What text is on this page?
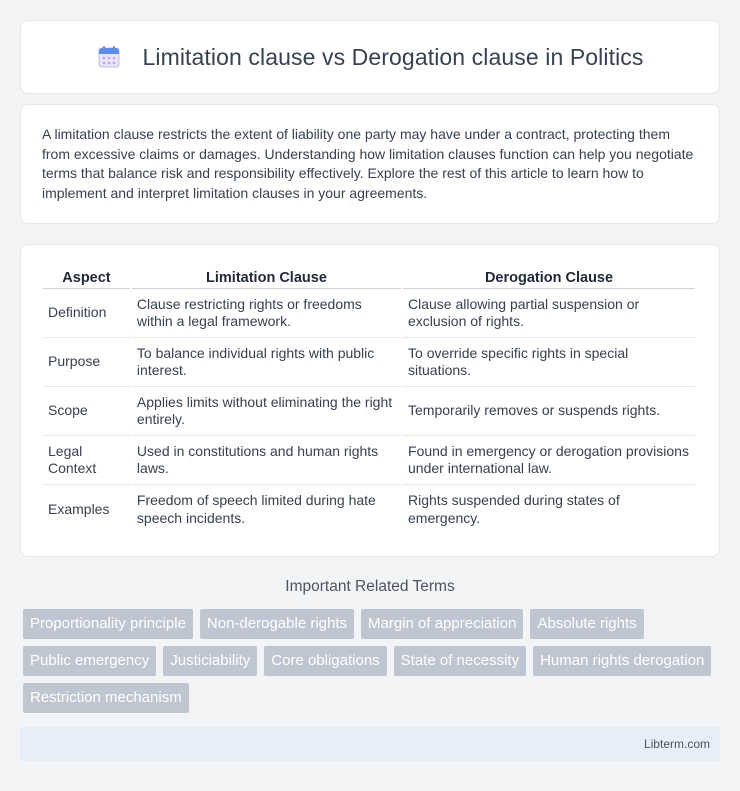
Limitation clause vs Derogation clause in Politics

A limitation clause restricts the extent of liability one party may have under a contract, protecting them from excessive claims or damages. Understanding how limitation clauses function can help you negotiate terms that balance risk and responsibility effectively. Explore the rest of this article to learn how to implement and interpret limitation clauses in your agreements.

Aspect	Limitation Clause	Derogation Clause
Definition	Clause restricting rights or freedoms within a legal framework.	Clause allowing partial suspension or exclusion of rights.
Purpose	To balance individual rights with public interest.	To override specific rights in special situations.
Scope	Applies limits without eliminating the right entirely.	Temporarily removes or suspends rights.
Legal Context	Used in constitutions and human rights laws.	Found in emergency or derogation provisions under international law.
Examples	Freedom of speech limited during hate speech incidents.	Rights suspended during states of emergency.
Important Related Terms
Proportionality principle	Non-derogable rights	Margin of appreciation	Absolute rights
Public emergency	Justiciability	Core obligations	State of necessity	Human rights derogation
Restriction mechanism
Libterm.com
